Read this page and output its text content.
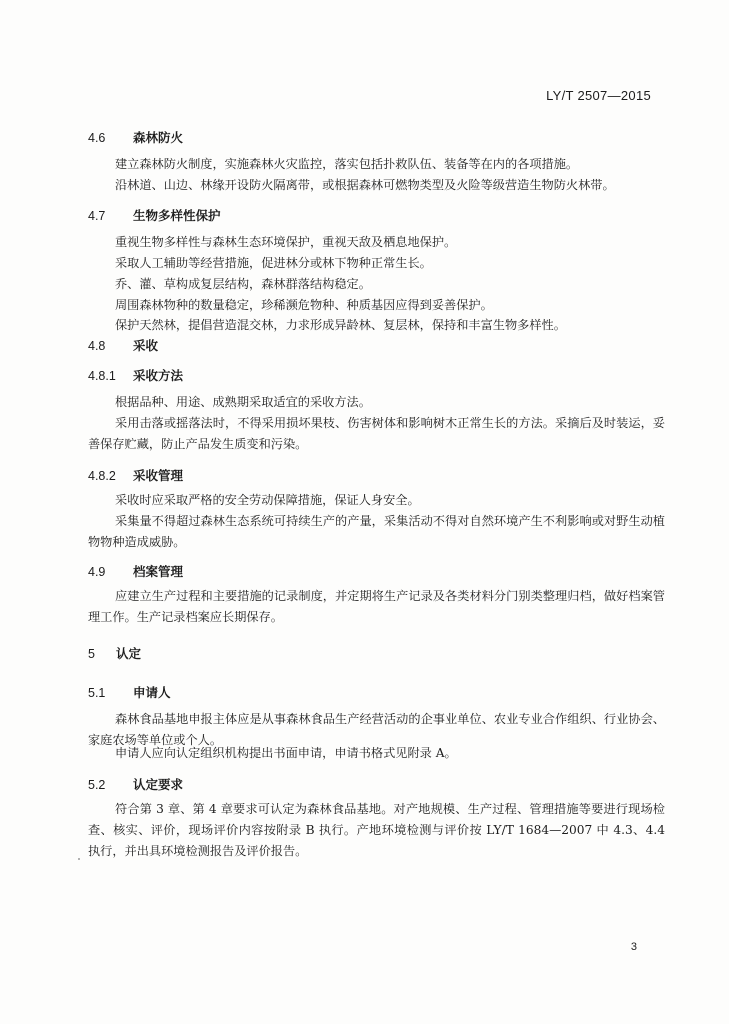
LY/T 2507—2015
4.6 森林防火
建立森林防火制度，实施森林火灾监控，落实包括扑救队伍、装备等在内的各项措施。
沿林道、山边、林缘开设防火隔离带，或根据森林可燃物类型及火险等级营造生物防火林带。
4.7 生物多样性保护
重视生物多样性与森林生态环境保护，重视天敌及栖息地保护。
采取人工辅助等经营措施，促进林分或林下物种正常生长。
乔、灌、草构成复层结构，森林群落结构稳定。
周围森林物种的数量稳定，珍稀濒危物种、种质基因应得到妥善保护。
保护天然林，提倡营造混交林，力求形成异龄林、复层林，保持和丰富生物多样性。
4.8 采收
4.8.1 采收方法
根据品种、用途、成熟期采取适宜的采收方法。
采用击落或摇落法时，不得采用损坏果枝、伤害树体和影响树木正常生长的方法。采摘后及时装运，妥善保存贮藏，防止产品发生质变和污染。
4.8.2 采收管理
采收时应采取严格的安全劳动保障措施，保证人身安全。
采集量不得超过森林生态系统可持续生产的产量，采集活动不得对自然环境产生不利影响或对野生动植物物种造成威胁。
4.9 档案管理
应建立生产过程和主要措施的记录制度，并定期将生产记录及各类材料分门别类整理归档，做好档案管理工作。生产记录档案应长期保存。
5 认定
5.1 申请人
森林食品基地申报主体应是从事森林食品生产经营活动的企事业单位、农业专业合作组织、行业协会、家庭农场等单位或个人。
申请人应向认定组织机构提出书面申请，申请书格式见附录 A。
5.2 认定要求
符合第 3 章、第 4 章要求可认定为森林食品基地。对产地规模、生产过程、管理措施等要进行现场检查、核实、评价，现场评价内容按附录 B 执行。产地环境检测与评价按 LY/T 1684—2007 中 4.3、4.4 执行，并出具环境检测报告及评价报告。
3
